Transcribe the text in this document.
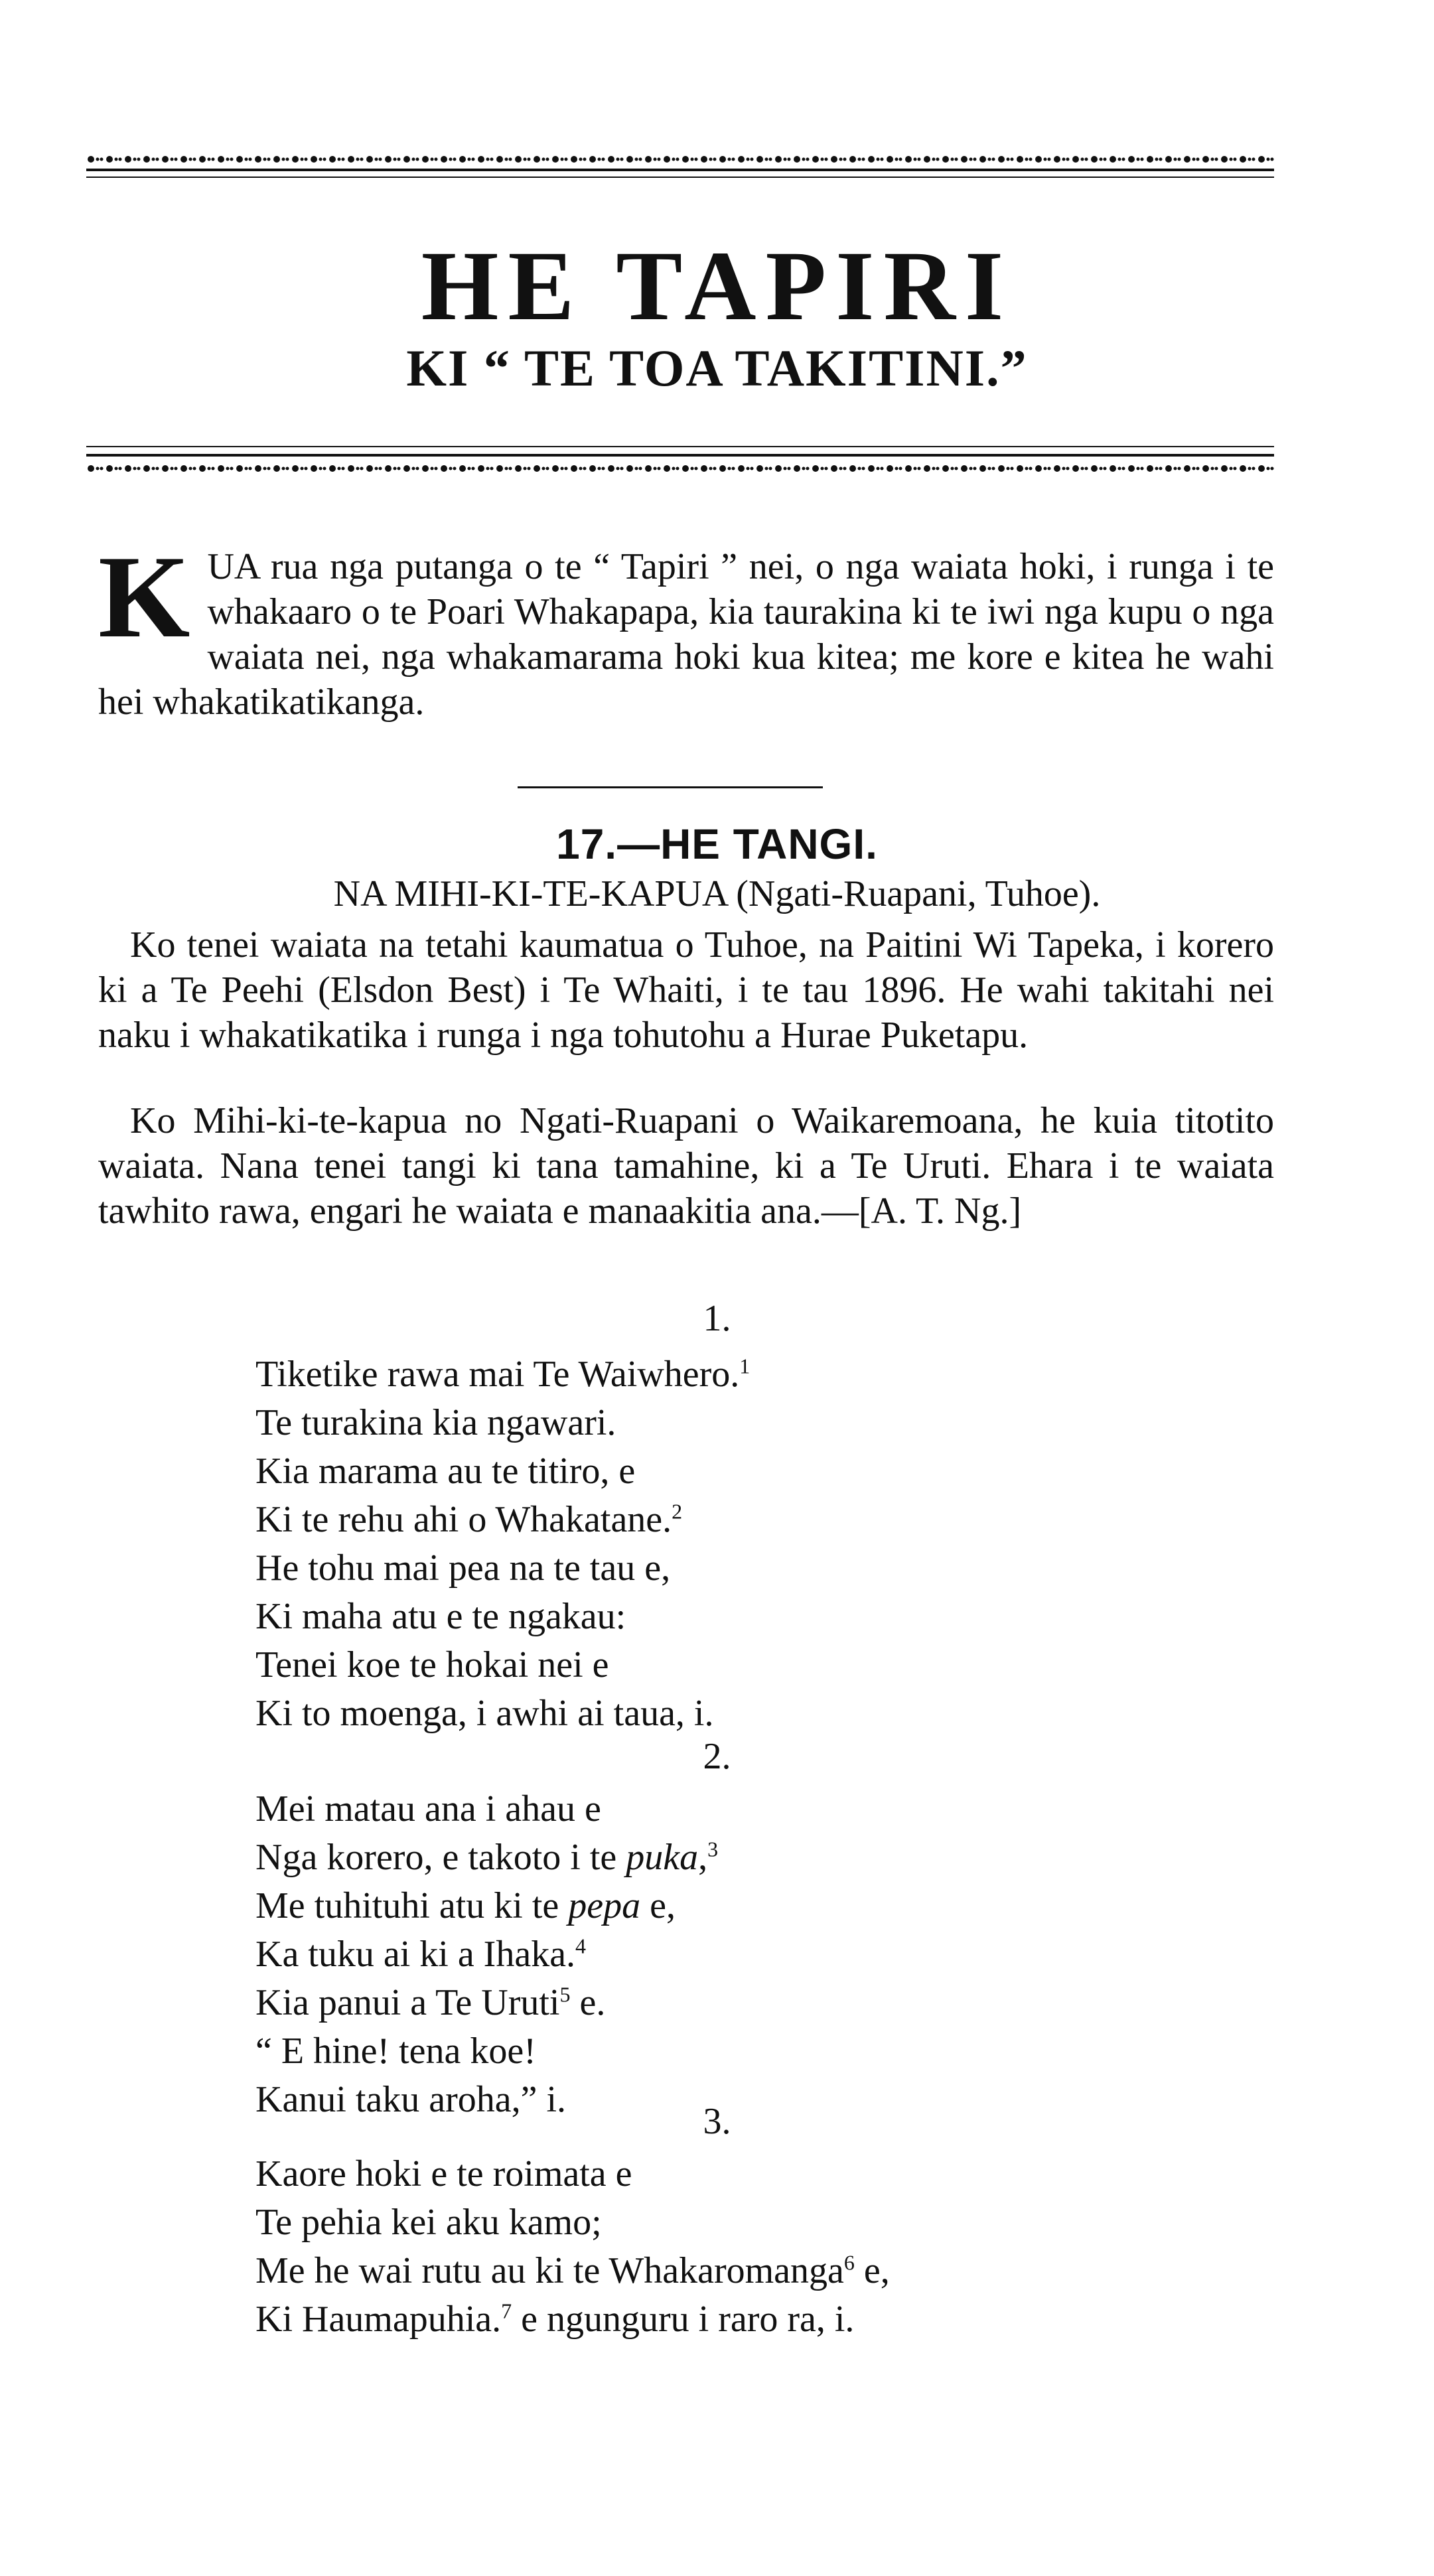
HE TAPIRI
KI “ TE TOA TAKITINI.”
KUA rua nga putanga o te “ Tapiri ” nei, o nga waiata hoki, i runga i te whakaaro o te Poari Whakapapa, kia taurakina ki te iwi nga kupu o nga waiata nei, nga whakamarama hoki kua kitea; me kore e kitea he wahi hei whakatikatikanga.
17.—HE TANGI.
NA MIHI-KI-TE-KAPUA (Ngati-Ruapani, Tuhoe).

Ko tenei waiata na tetahi kaumatua o Tuhoe, na Paitini Wi Tapeka, i korero ki a Te Peehi (Elsdon Best) i Te Whaiti, i te tau 1896. He wahi takitahi nei naku i whakatikatika i runga i nga tohutohu a Hurae Puketapu.

Ko Mihi-ki-te-kapua no Ngati-Ruapani o Waikaremoana, he kuia titotito waiata. Nana tenei tangi ki tana tamahine, ki a Te Uruti. Ehara i te waiata tawhito rawa, engari he waiata e manaakitia ana.—[A. T. Ng.]

1.
Tiketike rawa mai Te Waiwhero.$^1$
Te turakina kia ngawari.
Kia marama au te titiro, e
Ki te rehu ahi o Whakatane.$^2$
He tohu mai pea na te tau e,
Ki maha atu e te ngakau:
Tenei koe te hokai nei e
Ki to moenga, i awhi ai taua, i.
2.
Mei matau ana i ahau e
Nga korero, e takoto i te puka,$^3$
Me tuhituhi atu ki te pepa e,
Ka tuku ai ki a Ihaka.$^4$
Kia panui a Te Uruti$^5$ e.
“ E hine! tena koe!
Kanui taku aroha,” i.
3.
Kaore hoki e te roimata e
Te pehia kei aku kamo;
Me he wai rutu au ki te Whakaromanga$^6$ e,
Ki Haumapuhia.$^7$ e ngunguru i raro ra, i.
